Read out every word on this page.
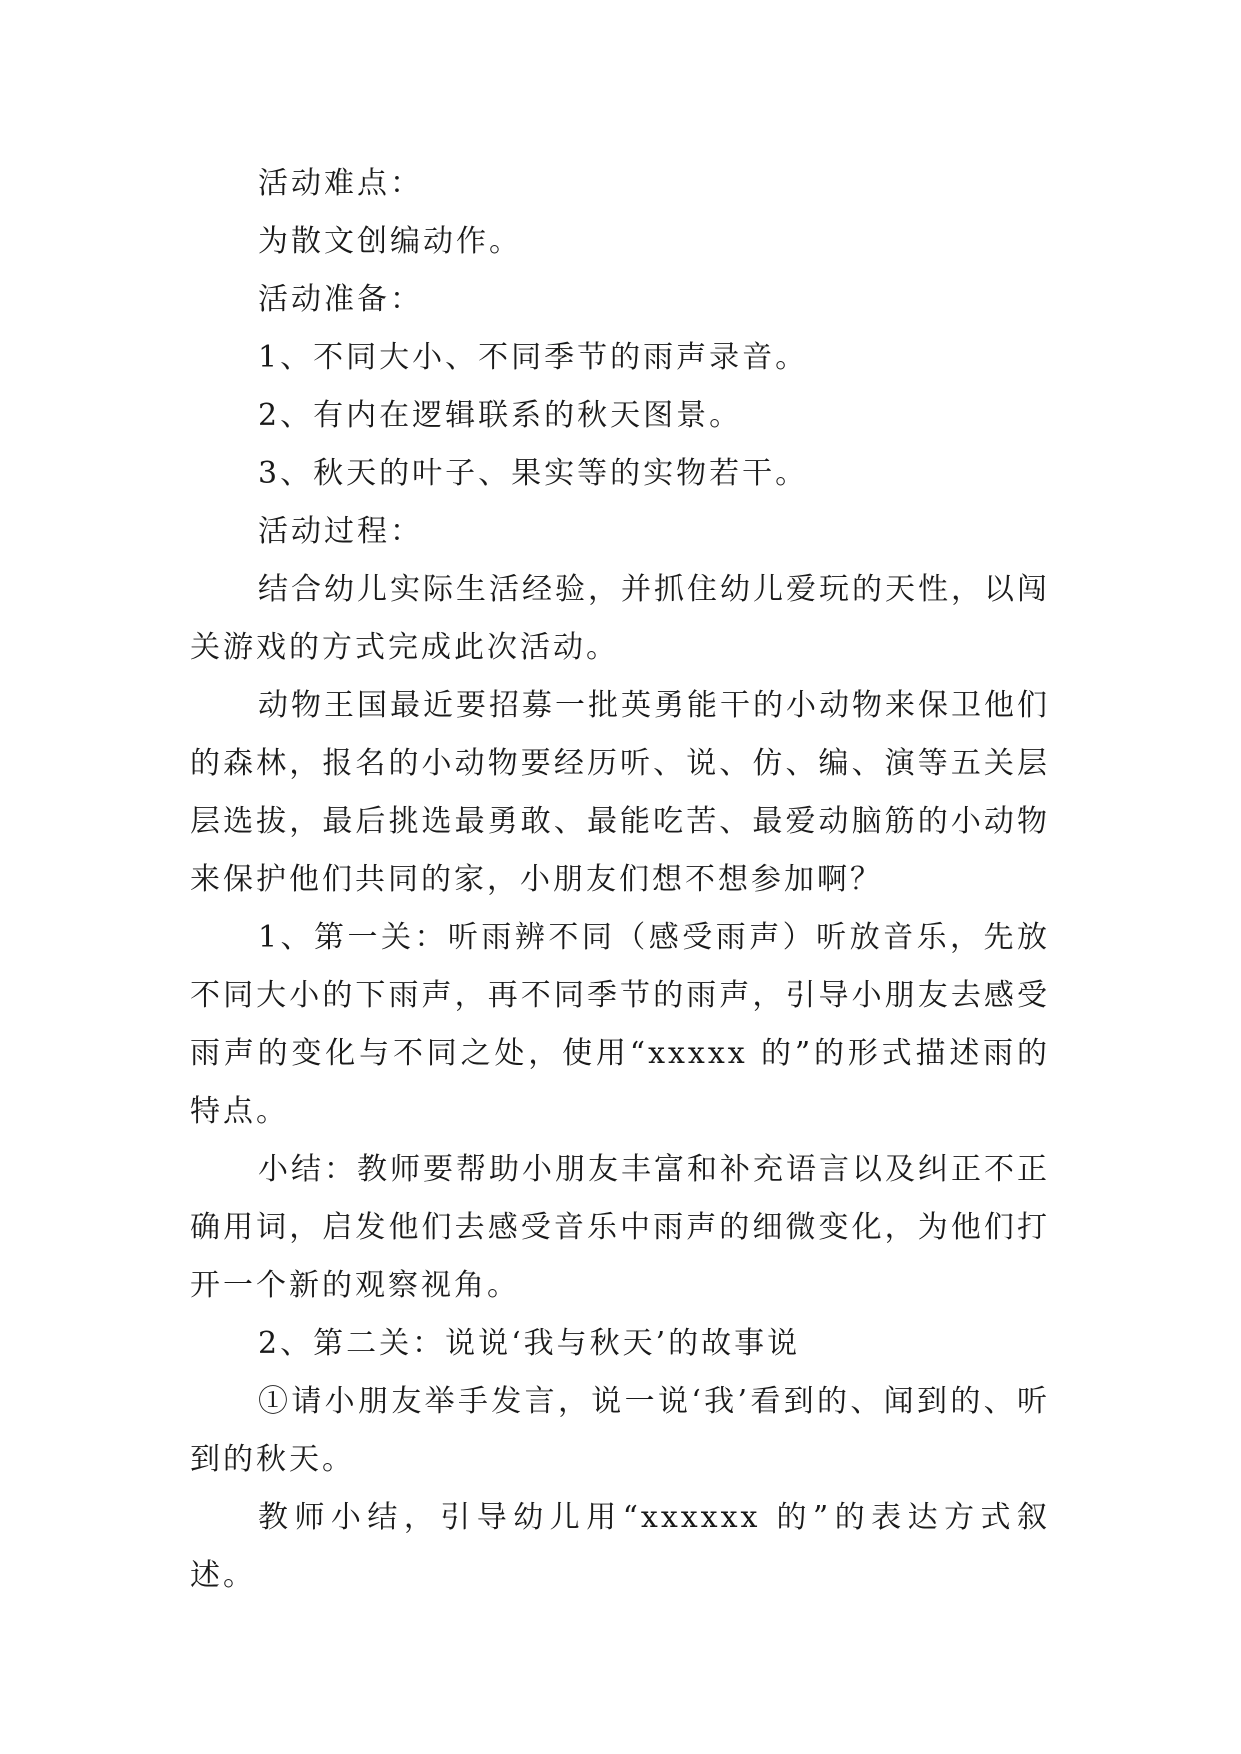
活动难点：

为散文创编动作。

活动准备：

1、不同大小、不同季节的雨声录音。

2、有内在逻辑联系的秋天图景。

3、秋天的叶子、果实等的实物若干。

活动过程：

结合幼儿实际生活经验，并抓住幼儿爱玩的天性，以闯关游戏的方式完成此次活动。

动物王国最近要招募一批英勇能干的小动物来保卫他们的森林，报名的小动物要经历听、说、仿、编、演等五关层层选拔，最后挑选最勇敢、最能吃苦、最爱动脑筋的小动物来保护他们共同的家，小朋友们想不想参加啊？

1、第一关：听雨辨不同（感受雨声）听放音乐，先放不同大小的下雨声，再不同季节的雨声，引导小朋友去感受雨声的变化与不同之处，使用“xxxxx 的”的形式描述雨的特点。

小结：教师要帮助小朋友丰富和补充语言以及纠正不正确用词，启发他们去感受音乐中雨声的细微变化，为他们打开一个新的观察视角。

2、第二关：说说‘我与秋天’的故事说

①请小朋友举手发言，说一说‘我’看到的、闻到的、听到的秋天。

教师小结，引导幼儿用“xxxxxx 的”的表达方式叙述。
